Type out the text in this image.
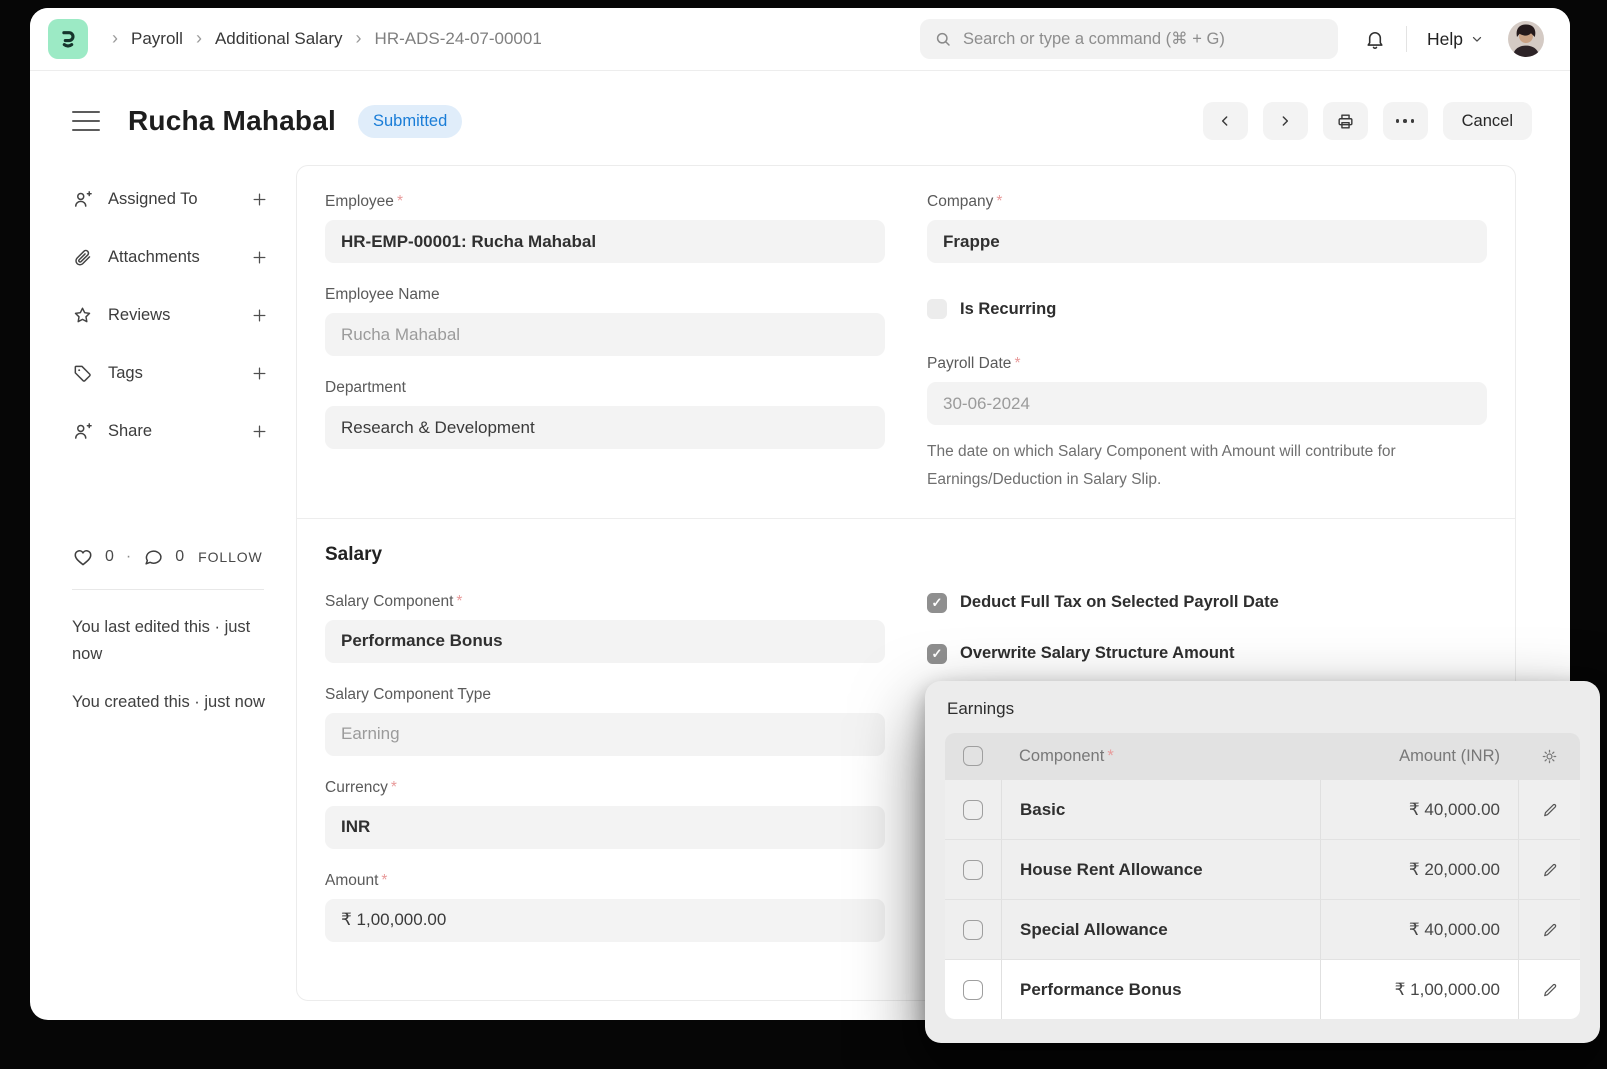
› Payroll › Additional Salary › HR-ADS-24-07-00001
Search or type a command (⌘ + G)	Help
Rucha Mahabal	Submitted	Cancel
Assigned To
Attachments
Reviews
Tags
Share
0 ·	0 FOLLOW
You last edited this · just now
You created this · just now
Employee *
HR-EMP-00001: Rucha Mahabal
Employee Name
Rucha Mahabal
Department
Research & Development
Company *
Frappe
Is Recurring
Payroll Date *
30-06-2024
The date on which Salary Component with Amount will contribute for Earnings/Deduction in Salary Slip.
Salary
Salary Component *
Performance Bonus
Salary Component Type
Earning
Currency *
INR
Amount *
₹ 1,00,000.00
✓
Deduct Full Tax on Selected Payroll Date
✓
Overwrite Salary Structure Amount
Earnings
Component *	Amount (INR)
Basic	₹ 40,000.00
House Rent Allowance	₹ 20,000.00
Special Allowance	₹ 40,000.00
Performance Bonus	₹ 1,00,000.00
